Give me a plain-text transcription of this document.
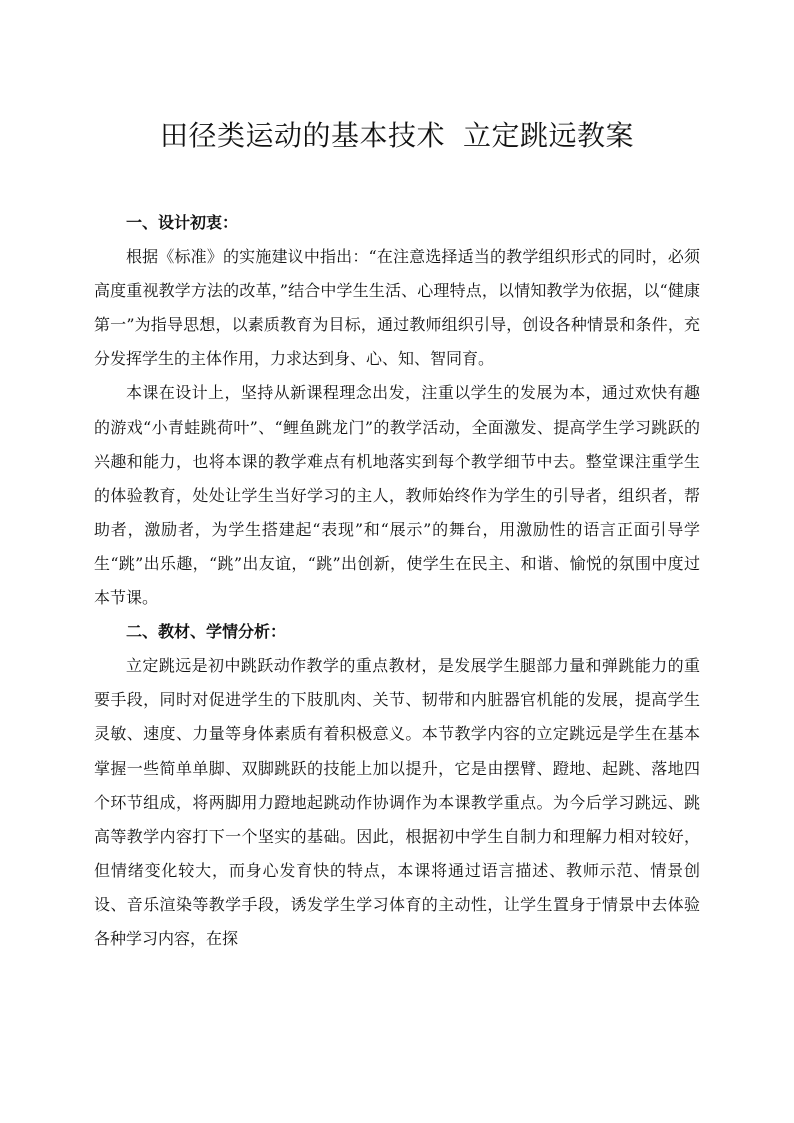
田径类运动的基本技术 立定跳远教案

一、设计初衷：

根据《标准》的实施建议中指出：“在注意选择适当的教学组织形式的同时，必须高度重视教学方法的改革，”结合中学生生活、心理特点，以情知教学为依据，以“健康第一”为指导思想，以素质教育为目标，通过教师组织引导，创设各种情景和条件，充分发挥学生的主体作用，力求达到身、心、知、智同育。

本课在设计上，坚持从新课程理念出发，注重以学生的发展为本，通过欢快有趣的游戏“小青蛙跳荷叶”、“鲤鱼跳龙门”的教学活动，全面激发、提高学生学习跳跃的兴趣和能力，也将本课的教学难点有机地落实到每个教学细节中去。整堂课注重学生的体验教育，处处让学生当好学习的主人，教师始终作为学生的引导者，组织者，帮助者，激励者，为学生搭建起“表现”和“展示”的舞台，用激励性的语言正面引导学生“跳”出乐趣，“跳”出友谊，“跳”出创新，使学生在民主、和谐、愉悦的氛围中度过本节课。

二、教材、学情分析：

立定跳远是初中跳跃动作教学的重点教材，是发展学生腿部力量和弹跳能力的重要手段，同时对促进学生的下肢肌肉、关节、韧带和内脏器官机能的发展，提高学生灵敏、速度、力量等身体素质有着积极意义。本节教学内容的立定跳远是学生在基本掌握一些简单单脚、双脚跳跃的技能上加以提升，它是由摆臂、蹬地、起跳、落地四个环节组成，将两脚用力蹬地起跳动作协调作为本课教学重点。为今后学习跳远、跳高等教学内容打下一个坚实的基础。因此，根据初中学生自制力和理解力相对较好，但情绪变化较大，而身心发育快的特点，本课将通过语言描述、教师示范、情景创设、音乐渲染等教学手段，诱发学生学习体育的主动性，让学生置身于情景中去体验各种学习内容，在探
